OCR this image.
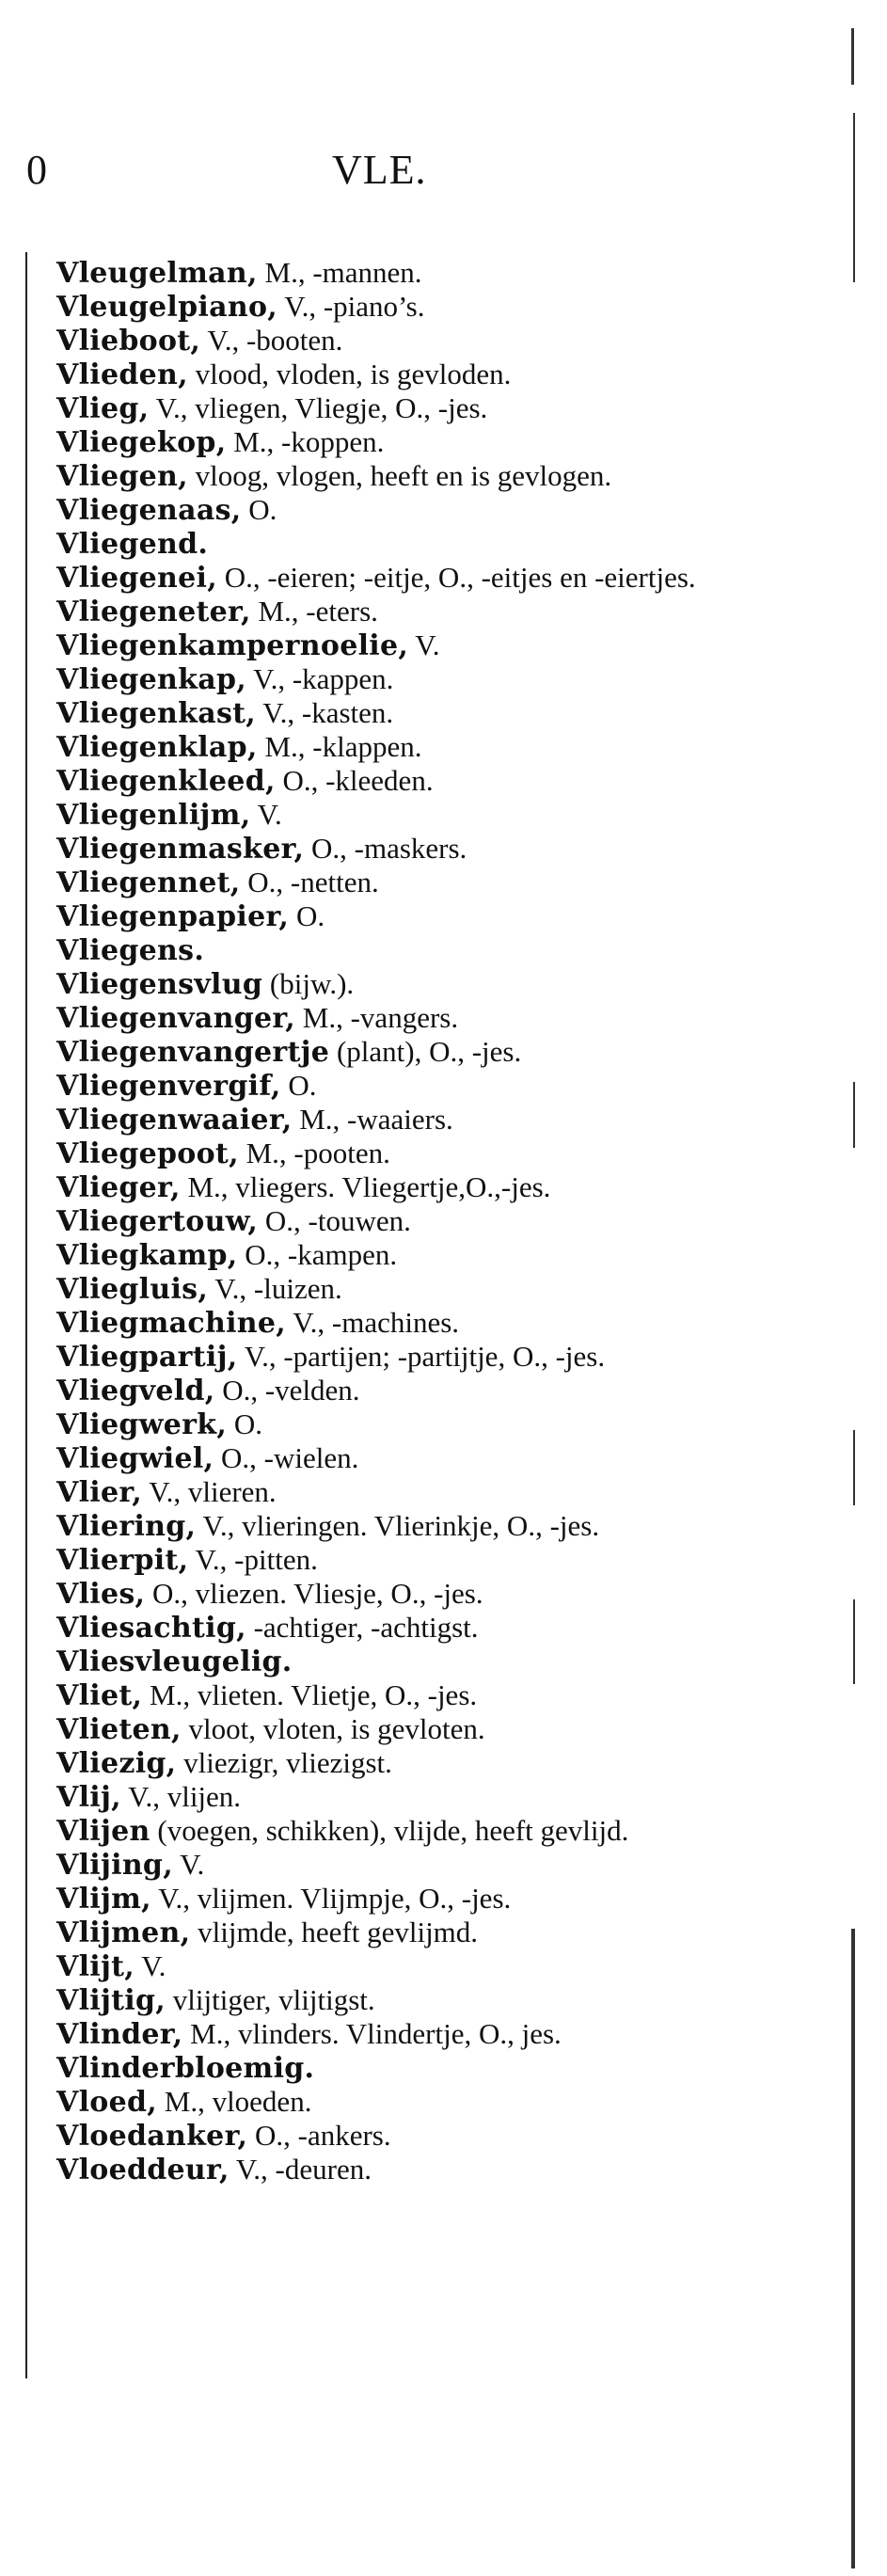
0	VLE.
Vleugelman, M., -mannen.
Vleugelpiano, V., -piano’s.
Vlieboot, V., -booten.
Vlieden, vlood, vloden, is gevloden.
Vlieg, V., vliegen, Vliegje, O., -jes.
Vliegekop, M., -koppen.
Vliegen, vloog, vlogen, heeft en is gevlogen.
Vliegenaas, O.
Vliegend.
Vliegenei, O., -eieren; -eitje, O., -eitjes en -eiertjes.
Vliegeneter, M., -eters.
Vliegenkampernoelie, V.
Vliegenkap, V., -kappen.
Vliegenkast, V., -kasten.
Vliegenklap, M., -klappen.
Vliegenkleed, O., -kleeden.
Vliegenlijm, V.
Vliegenmasker, O., -maskers.
Vliegennet, O., -netten.
Vliegenpapier, O.
Vliegens.
Vliegensvlug (bijw.).
Vliegenvanger, M., -vangers.
Vliegenvangertje (plant), O., -jes.
Vliegenvergif, O.
Vliegenwaaier, M., -waaiers.
Vliegepoot, M., -pooten.
Vlieger, M., vliegers. Vliegertje,O.,-jes.
Vliegertouw, O., -touwen.
Vliegkamp, O., -kampen.
Vliegluis, V., -luizen.
Vliegmachine, V., -machines.
Vliegpartij, V., -partijen; -partijtje, O., -jes.
Vliegveld, O., -velden.
Vliegwerk, O.
Vliegwiel, O., -wielen.
Vlier, V., vlieren.
Vliering, V., vlieringen. Vlierinkje, O., -jes.
Vlierpit, V., -pitten.
Vlies, O., vliezen. Vliesje, O., -jes.
Vliesachtig, -achtiger, -achtigst.
Vliesvleugelig.
Vliet, M., vlieten. Vlietje, O., -jes.
Vlieten, vloot, vloten, is gevloten.
Vliezig, vliezigr, vliezigst.
Vlij, V., vlijen.
Vlijen (voegen, schikken), vlijde, heeft gevlijd.
Vlijing, V.
Vlijm, V., vlijmen. Vlijmpje, O., -jes.
Vlijmen, vlijmde, heeft gevlijmd.
Vlijt, V.
Vlijtig, vlijtiger, vlijtigst.
Vlinder, M., vlinders. Vlindertje, O., jes.
Vlinderbloemig.
Vloed, M., vloeden.
Vloedanker, O., -ankers.
Vloeddeur, V., -deuren.
